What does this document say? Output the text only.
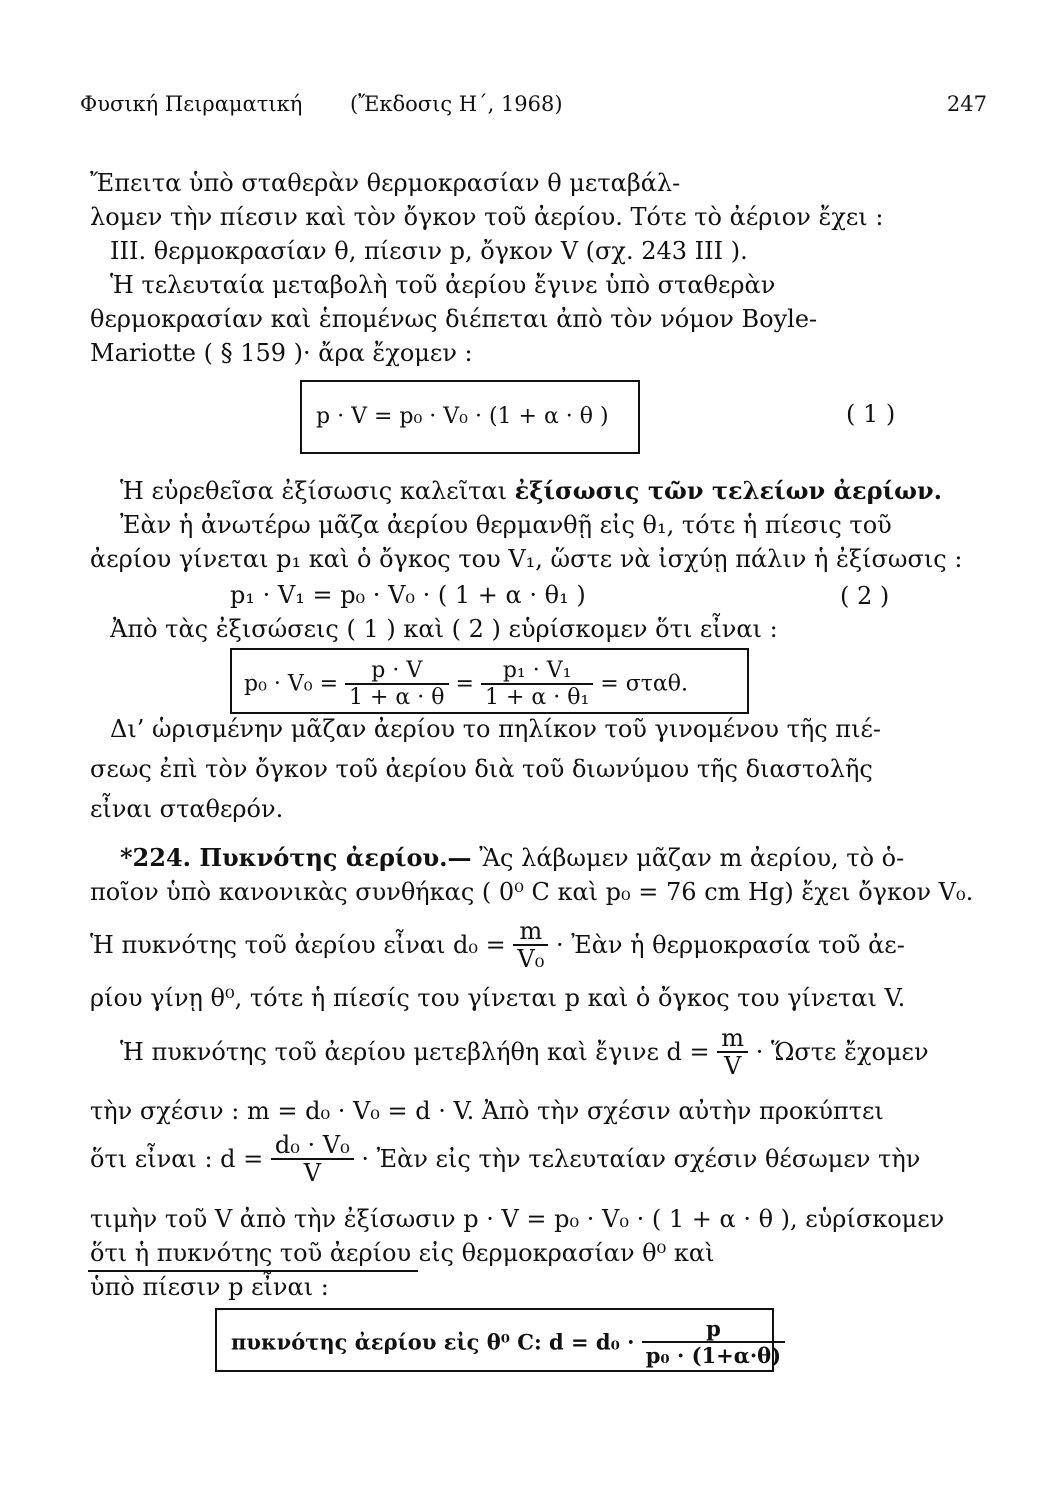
Φυσική Πειραματική (Ἔκδοσις Η΄, 1968)	247
Ἔπειτα ὑπὸ σταθερὰν θερμοκρασίαν θ μεταβάλ-
λομεν τὴν πίεσιν καὶ τὸν ὄγκον τοῦ ἀερίου. Τότε τὸ ἀέριον ἔχει :
III. θερμοκρασίαν θ, πίεσιν p, ὄγκον V (σχ. 243 III ).
Ἡ τελευταία μεταβολὴ τοῦ ἀερίου ἔγινε ὑπὸ σταθερὰν
θερμοκρασίαν καὶ ἑπομένως διέπεται ἀπὸ τὸν νόμον Boyle-
Mariotte ( § 159 )· ἄρα ἔχομεν :
p · V = p₀ · V₀ · (1 + α · θ )	( 1 )
Ἡ εὑρεθεῖσα ἐξίσωσις καλεῖται ἐξίσωσις τῶν τελείων ἀερίων.
Ἐὰν ἡ ἀνωτέρω μᾶζα ἀερίου θερμανθῇ εἰς θ₁, τότε ἡ πίεσις τοῦ
ἀερίου γίνεται p₁ καὶ ὁ ὄγκος του V₁, ὥστε νὰ ἰσχύῃ πάλιν ἡ ἐξίσωσις :
p₁ · V₁ = p₀ · V₀ · ( 1 + α · θ₁ )	( 2 )
Ἀπὸ τὰς ἐξισώσεις ( 1 ) καὶ ( 2 ) εὑρίσκομεν ὅτι εἶναι :
$p_0 \cdot V_0 = \frac{p \cdot V}{1 + \alpha \cdot \theta} = \frac{\text{p₁ · V₁}}{\text{1 + α · θ₁}} = \sigma\tau\alpha\theta$.
Δι’ ὡρισμένην μᾶζαν ἀερίου το πηλίκον τοῦ γινομένου τῆς πιέ-
σεως ἐπὶ τὸν ὄγκον τοῦ ἀερίου διὰ τοῦ διωνύμου τῆς διαστολῆς
εἶναι σταθερόν.
*224. Πυκνότης ἀερίου.— Ἂς λάβωμεν μᾶζαν m ἀερίου, τὸ ὁ-
ποῖον ὑπὸ κανονικὰς συνθήκας ( 0⁰ C καὶ p₀ = 76 cm Hg) ἔχει ὄγκον V₀.
Ἡ πυκνότης τοῦ ἀερίου εἶναι $d_0 = \frac{m}{\text{V₀}}$ · Ἐὰν ἡ θερμοκρασία τοῦ ἀε-
ρίου γίνῃ θ⁰, τότε ἡ πίεσίς του γίνεται p καὶ ὁ ὄγκος του γίνεται V.
Ἡ πυκνότης τοῦ ἀερίου μετεβλήθη καὶ ἔγινε $d = \frac{m}{V}$ · Ὥστε ἔχομεν
τὴν σχέσιν : m = d₀ · V₀ = d · V. Ἀπὸ τὴν σχέσιν αὐτὴν προκύπτει
ὅτι εἶναι : $d = \frac{\text{d₀ · V₀}}{V}$ · Ἐὰν εἰς τὴν τελευταίαν σχέσιν θέσωμεν τὴν
τιμὴν τοῦ V ἀπὸ τὴν ἐξίσωσιν p · V = p₀ · V₀ · ( 1 + α · θ ), εὑρίσκομεν
ὅτι ἡ πυκνότης τοῦ ἀερίου εἰς θερμοκρασίαν θ⁰ καὶ
ὑπὸ πίεσιν p εἶναι :
πυκνότης ἀερίου εἰς θ⁰ C: $d = d_0 \cdot \frac{p}{\text{p₀ · (1+α·θ)}}$
